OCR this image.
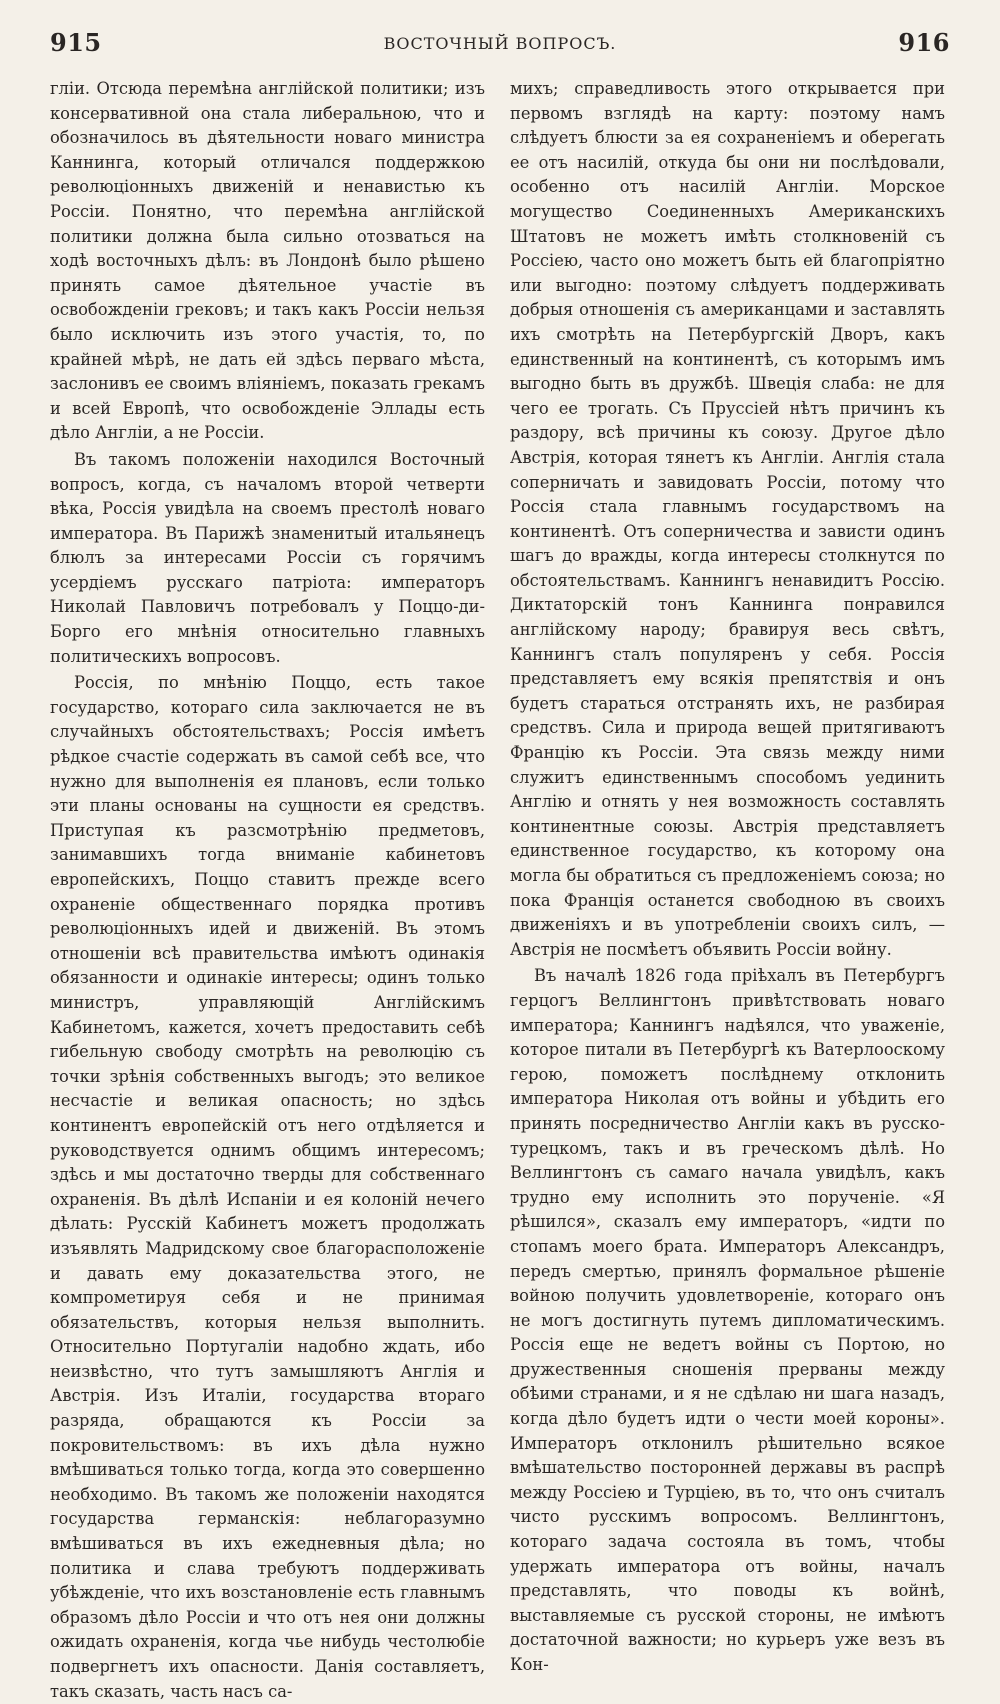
915	ВОСТОЧНЫЙ ВОПРОСЪ.	916

гліи. Отсюда перемѣна англійской политики; изъ консервативной она стала либеральною, что и обозначилось въ дѣятельности новаго министра Каннинга, который отличался поддержкою революціонныхъ движеній и ненавистью къ Россіи. Понятно, что перемѣна англійской политики должна была сильно отозваться на ходѣ восточныхъ дѣлъ: въ Лондонѣ было рѣшено принять самое дѣятельное участіе въ освобожденіи грековъ; и такъ какъ Россіи нельзя было исключить изъ этого участія, то, по крайней мѣрѣ, не дать ей здѣсь перваго мѣста, заслонивъ ее своимъ вліяніемъ, показать грекамъ и всей Европѣ, что освобожденіе Эллады есть дѣло Англіи, а не Россіи.

Въ такомъ положеніи находился Восточный вопросъ, когда, съ началомъ второй четверти вѣка, Россія увидѣла на своемъ престолѣ новаго императора. Въ Парижѣ знаменитый итальянецъ блюлъ за интересами Россіи съ горячимъ усердіемъ русскаго патріота: императоръ Николай Павловичъ потребовалъ у Поццо-ди-Борго его мнѣнія относительно главныхъ политическихъ вопросовъ.

Россія, по мнѣнію Поццо, есть такое государство, котораго сила заключается не въ случайныхъ обстоятельствахъ; Россія имѣетъ рѣдкое счастіе содержать въ самой себѣ все, что нужно для выполненія ея плановъ, если только эти планы основаны на сущности ея средствъ. Приступая къ разсмотрѣнію предметовъ, занимавшихъ тогда вниманіе кабинетовъ европейскихъ, Поццо ставитъ прежде всего охраненіе общественнаго порядка противъ революціонныхъ идей и движеній. Въ этомъ отношеніи всѣ правительства имѣютъ одинакія обязанности и одинакіе интересы; одинъ только министръ, управляющій Англійскимъ Кабинетомъ, кажется, хочетъ предоставить себѣ гибельную свободу смотрѣть на революцію съ точки зрѣнія собственныхъ выгодъ; это великое несчастіе и великая опасность; но здѣсь континентъ европейскій отъ него отдѣляется и руководствуется однимъ общимъ интересомъ; здѣсь и мы достаточно тверды для собственнаго охраненія. Въ дѣлѣ Испаніи и ея колоній нечего дѣлать: Русскій Кабинетъ можетъ продолжать изъявлять Мадридскому свое благорасположеніе и давать ему доказательства этого, не компрометируя себя и не принимая обязательствъ, которыя нельзя выполнить. Относительно Португаліи надобно ждать, ибо неизвѣстно, что тутъ замышляютъ Англія и Австрія. Изъ Италіи, государства втораго разряда, обращаются къ Россіи за покровительствомъ: въ ихъ дѣла нужно вмѣшиваться только тогда, когда это совершенно необходимо. Въ такомъ же положеніи находятся государства германскія: неблагоразумно вмѣшиваться въ ихъ ежедневныя дѣла; но политика и слава требуютъ поддерживать убѣжденіе, что ихъ возстановленіе есть главнымъ образомъ дѣло Россіи и что отъ нея они должны ожидать охраненія, когда чье нибудь честолюбіе подвергнетъ ихъ опасности. Данія составляетъ, такъ сказать, часть насъ са-

михъ; справедливость этого открывается при первомъ взглядѣ на карту: поэтому намъ слѣдуетъ блюсти за ея сохраненіемъ и оберегать ее отъ насилій, откуда бы они ни послѣдовали, особенно отъ насилій Англіи. Морское могущество Соединенныхъ Американскихъ Штатовъ не можетъ имѣть столкновеній съ Россіею, часто оно можетъ быть ей благопріятно или выгодно: поэтому слѣдуетъ поддерживать добрыя отношенія съ американцами и заставлять ихъ смотрѣть на Петербургскій Дворъ, какъ единственный на континентѣ, съ которымъ имъ выгодно быть въ дружбѣ. Швеція слаба: не для чего ее трогать. Съ Пруссіей нѣтъ причинъ къ раздору, всѣ причины къ союзу. Другое дѣло Австрія, которая тянетъ къ Англіи. Англія стала соперничать и завидовать Россіи, потому что Россія стала главнымъ государствомъ на континентѣ. Отъ соперничества и зависти одинъ шагъ до вражды, когда интересы столкнутся по обстоятельствамъ. Каннингъ ненавидитъ Россію. Диктаторскій тонъ Каннинга понравился англійскому народу; бравируя весь свѣтъ, Каннингъ сталъ популяренъ у себя. Россія представляетъ ему всякія препятствія и онъ будетъ стараться отстранять ихъ, не разбирая средствъ. Сила и природа вещей притягиваютъ Францію къ Россіи. Эта связь между ними служитъ единственнымъ способомъ уединить Англію и отнять у нея возможность составлять континентные союзы. Австрія представляетъ единственное государство, къ которому она могла бы обратиться съ предложеніемъ союза; но пока Франція останется свободною въ своихъ движеніяхъ и въ употребленіи своихъ силъ, — Австрія не посмѣетъ объявить Россіи войну.

Въ началѣ 1826 года пріѣхалъ въ Петербургъ герцогъ Веллингтонъ привѣтствовать новаго императора; Каннингъ надѣялся, что уваженіе, которое питали въ Петербургѣ къ Ватерлооскому герою, поможетъ послѣднему отклонить императора Николая отъ войны и убѣдить его принять посредничество Англіи какъ въ русско-турецкомъ, такъ и въ греческомъ дѣлѣ. Но Веллингтонъ съ самаго начала увидѣлъ, какъ трудно ему исполнить это порученіе. «Я рѣшился», сказалъ ему императоръ, «идти по стопамъ моего брата. Императоръ Александръ, передъ смертью, принялъ формальное рѣшеніе войною получить удовлетвореніе, котораго онъ не могъ достигнуть путемъ дипломатическимъ. Россія еще не ведетъ войны съ Портою, но дружественныя сношенія прерваны между обѣими странами, и я не сдѣлаю ни шага назадъ, когда дѣло будетъ идти о чести моей короны». Императоръ отклонилъ рѣшительно всякое вмѣшательство посторонней державы въ распрѣ между Россіею и Турціею, въ то, что онъ считалъ чисто русскимъ вопросомъ. Веллингтонъ, котораго задача состояла въ томъ, чтобы удержать императора отъ войны, началъ представлять, что поводы къ войнѣ, выставляемые съ русской стороны, не имѣютъ достаточной важности; но курьеръ уже везъ въ Кон-
